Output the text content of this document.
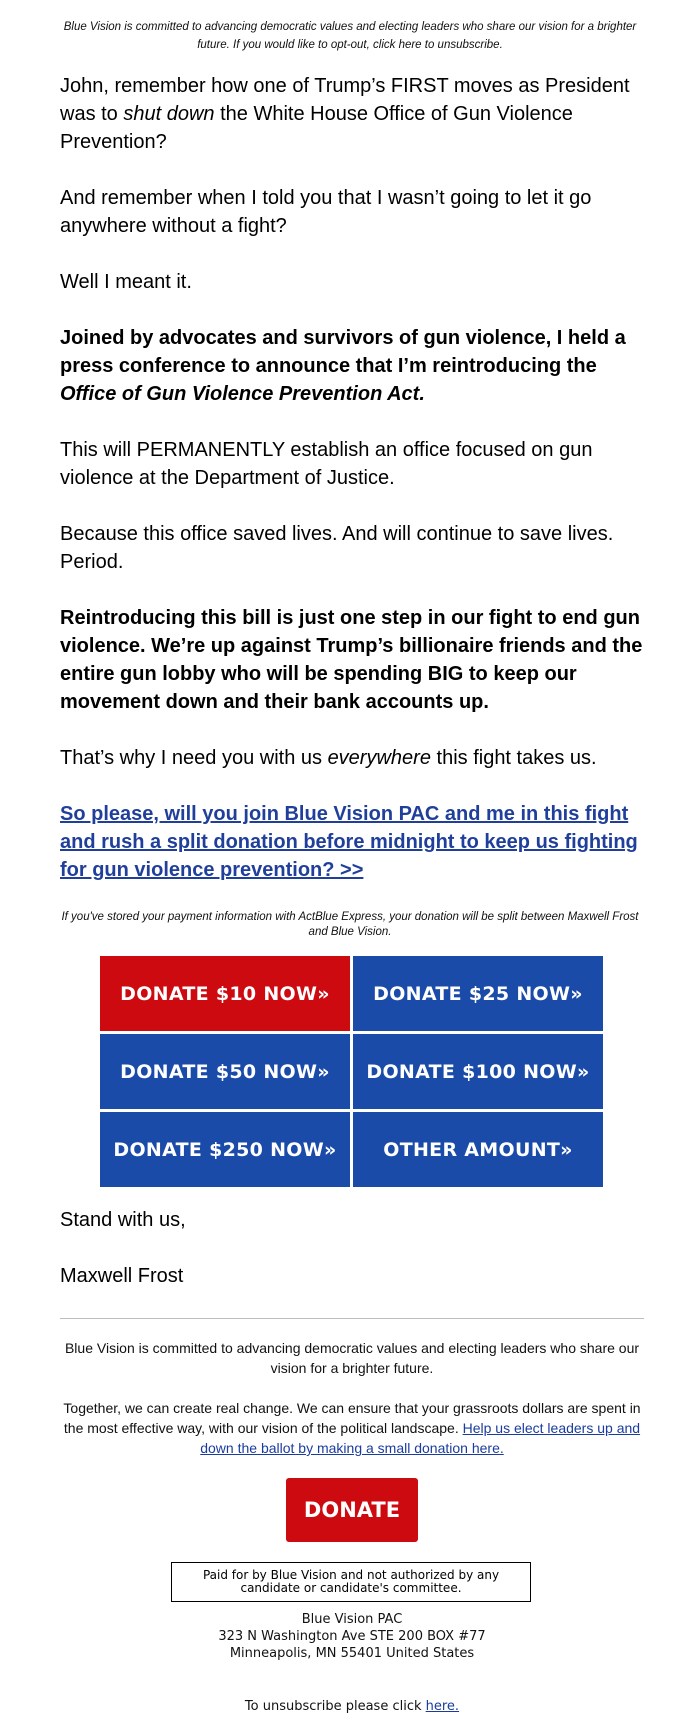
Blue Vision is committed to advancing democratic values and electing leaders who share our vision for a brighter future. If you would like to opt-out, click here to unsubscribe.

John, remember how one of Trump’s FIRST moves as President was to shut down the White House Office of Gun Violence Prevention?

And remember when I told you that I wasn’t going to let it go anywhere without a fight?

Well I meant it.

Joined by advocates and survivors of gun violence, I held a press conference to announce that I’m reintroducing the Office of Gun Violence Prevention Act.

This will PERMANENTLY establish an office focused on gun violence at the Department of Justice.

Because this office saved lives. And will continue to save lives. Period.

Reintroducing this bill is just one step in our fight to end gun violence. We’re up against Trump’s billionaire friends and the entire gun lobby who will be spending BIG to keep our movement down and their bank accounts up.

That’s why I need you with us everywhere this fight takes us.

So please, will you join Blue Vision PAC and me in this fight and rush a split donation before midnight to keep us fighting for gun violence prevention? >>

If you've stored your payment information with ActBlue Express, your donation will be split between Maxwell Frost and Blue Vision.
DONATE $10 NOW»	DONATE $25 NOW»
DONATE $50 NOW»	DONATE $100 NOW»
DONATE $250 NOW»	OTHER AMOUNT»

Stand with us,

Maxwell Frost

Blue Vision is committed to advancing democratic values and electing leaders who share our vision for a brighter future.

Together, we can create real change. We can ensure that your grassroots dollars are spent in the most effective way, with our vision of the political landscape. Help us elect leaders up and down the ballot by making a small donation here.

DONATE
Paid for by Blue Vision and not authorized by any candidate or candidate's committee.
Blue Vision PAC
323 N Washington Ave STE 200 BOX #77
Minneapolis, MN 55401 United States
To unsubscribe please click here.
